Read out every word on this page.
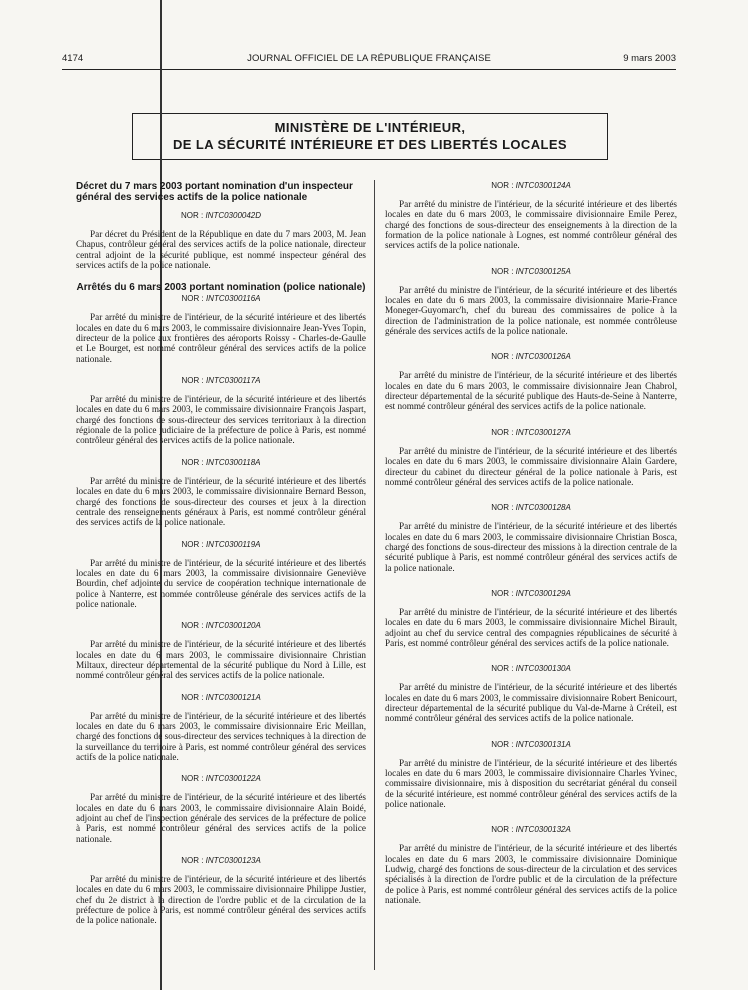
4174	JOURNAL OFFICIEL DE LA RÉPUBLIQUE FRANÇAISE	9 mars 2003
MINISTÈRE DE L'INTÉRIEUR,
DE LA SÉCURITÉ INTÉRIEURE ET DES LIBERTÉS LOCALES
Décret du 7 mars 2003 portant nomination d'un inspecteur général des services actifs de la police nationale
NOR : INTC0300042D

Par décret du Président de la République en date du 7 mars 2003, M. Jean Chapus, contrôleur général des services actifs de la police nationale, directeur central adjoint de la sécurité publique, est nommé inspecteur général des services actifs de la police nationale.

Arrêtés du 6 mars 2003 portant nomination (police nationale)
NOR : INTC0300116A

Par arrêté du ministre de l'intérieur, de la sécurité intérieure et des libertés locales en date du 6 mars 2003, le commissaire divisionnaire Jean-Yves Topin, directeur de la police aux frontières des aéroports Roissy - Charles-de-Gaulle et Le Bourget, est nommé contrôleur général des services actifs de la police nationale.

NOR : INTC0300117A

Par arrêté du ministre de l'intérieur, de la sécurité intérieure et des libertés locales en date du 6 mars 2003, le commissaire divisionnaire François Jaspart, chargé des fonctions de sous-directeur des services territoriaux à la direction régionale de la police judiciaire de la préfecture de police à Paris, est nommé contrôleur général des services actifs de la police nationale.

NOR : INTC0300118A

Par arrêté du ministre de l'intérieur, de la sécurité intérieure et des libertés locales en date du 6 mars 2003, le commissaire divisionnaire Bernard Besson, chargé des fonctions de sous-directeur des courses et jeux à la direction centrale des renseignements généraux à Paris, est nommé contrôleur général des services actifs de la police nationale.

NOR : INTC0300119A

Par arrêté du ministre de l'intérieur, de la sécurité intérieure et des libertés locales en date du 6 mars 2003, la commissaire divisionnaire Geneviève Bourdin, chef adjointe du service de coopération technique internationale de police à Nanterre, est nommée contrôleuse générale des services actifs de la police nationale.

NOR : INTC0300120A

Par arrêté du ministre de l'intérieur, de la sécurité intérieure et des libertés locales en date du 6 mars 2003, le commissaire divisionnaire Christian Miltaux, directeur départemental de la sécurité publique du Nord à Lille, est nommé contrôleur général des services actifs de la police nationale.

NOR : INTC0300121A

Par arrêté du ministre de l'intérieur, de la sécurité intérieure et des libertés locales en date du 6 mars 2003, le commissaire divisionnaire Eric Meillan, chargé des fonctions de sous-directeur des services techniques à la direction de la surveillance du territoire à Paris, est nommé contrôleur général des services actifs de la police nationale.

NOR : INTC0300122A

Par arrêté du ministre de l'intérieur, de la sécurité intérieure et des libertés locales en date du 6 mars 2003, le commissaire divisionnaire Alain Boidé, adjoint au chef de l'inspection générale des services de la préfecture de police à Paris, est nommé contrôleur général des services actifs de la police nationale.

NOR : INTC0300123A

Par arrêté du ministre de l'intérieur, de la sécurité intérieure et des libertés locales en date du 6 mars 2003, le commissaire divisionnaire Philippe Justier, chef du 2e district à la direction de l'ordre public et de la circulation de la préfecture de police à Paris, est nommé contrôleur général des services actifs de la police nationale.

NOR : INTC0300124A

Par arrêté du ministre de l'intérieur, de la sécurité intérieure et des libertés locales en date du 6 mars 2003, le commissaire divisionnaire Emile Perez, chargé des fonctions de sous-directeur des enseignements à la direction de la formation de la police nationale à Lognes, est nommé contrôleur général des services actifs de la police nationale.

NOR : INTC0300125A

Par arrêté du ministre de l'intérieur, de la sécurité intérieure et des libertés locales en date du 6 mars 2003, la commissaire divisionnaire Marie-France Moneger-Guyomarc'h, chef du bureau des commissaires de police à la direction de l'administration de la police nationale, est nommée contrôleuse générale des services actifs de la police nationale.

NOR : INTC0300126A

Par arrêté du ministre de l'intérieur, de la sécurité intérieure et des libertés locales en date du 6 mars 2003, le commissaire divisionnaire Jean Chabrol, directeur départemental de la sécurité publique des Hauts-de-Seine à Nanterre, est nommé contrôleur général des services actifs de la police nationale.

NOR : INTC0300127A

Par arrêté du ministre de l'intérieur, de la sécurité intérieure et des libertés locales en date du 6 mars 2003, le commissaire divisionnaire Alain Gardere, directeur du cabinet du directeur général de la police nationale à Paris, est nommé contrôleur général des services actifs de la police nationale.

NOR : INTC0300128A

Par arrêté du ministre de l'intérieur, de la sécurité intérieure et des libertés locales en date du 6 mars 2003, le commissaire divisionnaire Christian Bosca, chargé des fonctions de sous-directeur des missions à la direction centrale de la sécurité publique à Paris, est nommé contrôleur général des services actifs de la police nationale.

NOR : INTC0300129A

Par arrêté du ministre de l'intérieur, de la sécurité intérieure et des libertés locales en date du 6 mars 2003, le commissaire divisionnaire Michel Birault, adjoint au chef du service central des compagnies républicaines de sécurité à Paris, est nommé contrôleur général des services actifs de la police nationale.

NOR : INTC0300130A

Par arrêté du ministre de l'intérieur, de la sécurité intérieure et des libertés locales en date du 6 mars 2003, le commissaire divisionnaire Robert Benicourt, directeur départemental de la sécurité publique du Val-de-Marne à Créteil, est nommé contrôleur général des services actifs de la police nationale.

NOR : INTC0300131A

Par arrêté du ministre de l'intérieur, de la sécurité intérieure et des libertés locales en date du 6 mars 2003, le commissaire divisionnaire Charles Yvinec, commissaire divisionnaire, mis à disposition du secrétariat général du conseil de la sécurité intérieure, est nommé contrôleur général des services actifs de la police nationale.

NOR : INTC0300132A

Par arrêté du ministre de l'intérieur, de la sécurité intérieure et des libertés locales en date du 6 mars 2003, le commissaire divisionnaire Dominique Ludwig, chargé des fonctions de sous-directeur de la circulation et des services spécialisés à la direction de l'ordre public et de la circulation de la préfecture de police à Paris, est nommé contrôleur général des services actifs de la police nationale.
